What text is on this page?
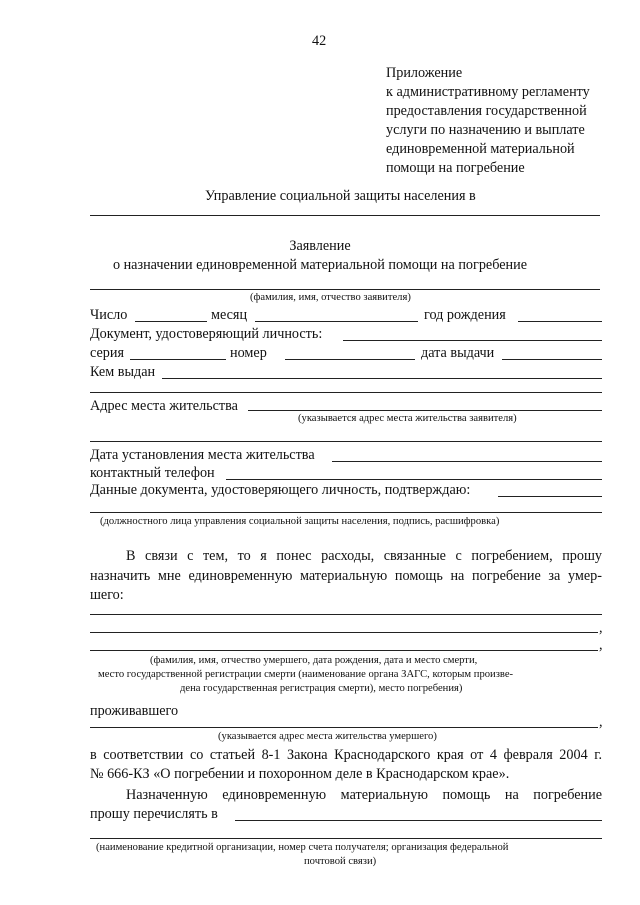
42
Приложение
к административному регламенту
предоставления государственной
услуги по назначению и выплате
единовременной материальной
помощи на погребение
Управление социальной защиты населения в
Заявление
о назначении единовременной материальной помощи на погребение
(фамилия, имя, отчество заявителя)
Число	месяц	год рождения
Документ, удостоверяющий личность:
серия	номер	дата выдачи
Кем выдан
Адрес места жительства
(указывается адрес места жительства заявителя)
Дата установления места жительства
контактный телефон
Данные документа, удостоверяющего личность, подтверждаю:
(должностного лица управления социальной защиты населения, подпись, расшифровка)
В связи с тем, то я понес расходы, связанные с погребением, прошу
назначить мне единовременную материальную помощь на погребение за умер-
шего:
,
,
(фамилия, имя, отчество умершего, дата рождения, дата и место смерти,
место государственной регистрации смерти (наименование органа ЗАГС, которым произве-
дена государственная регистрация смерти), место погребения)
проживавшего
,
(указывается адрес места жительства умершего)
в соответствии со статьей 8-1 Закона Краснодарского края от 4 февраля 2004 г.
№ 666-КЗ «О погребении и похоронном деле в Краснодарском крае».
Назначенную единовременную материальную помощь на погребение
прошу перечислять в
(наименование кредитной организации, номер счета получателя; организация федеральной
почтовой связи)
